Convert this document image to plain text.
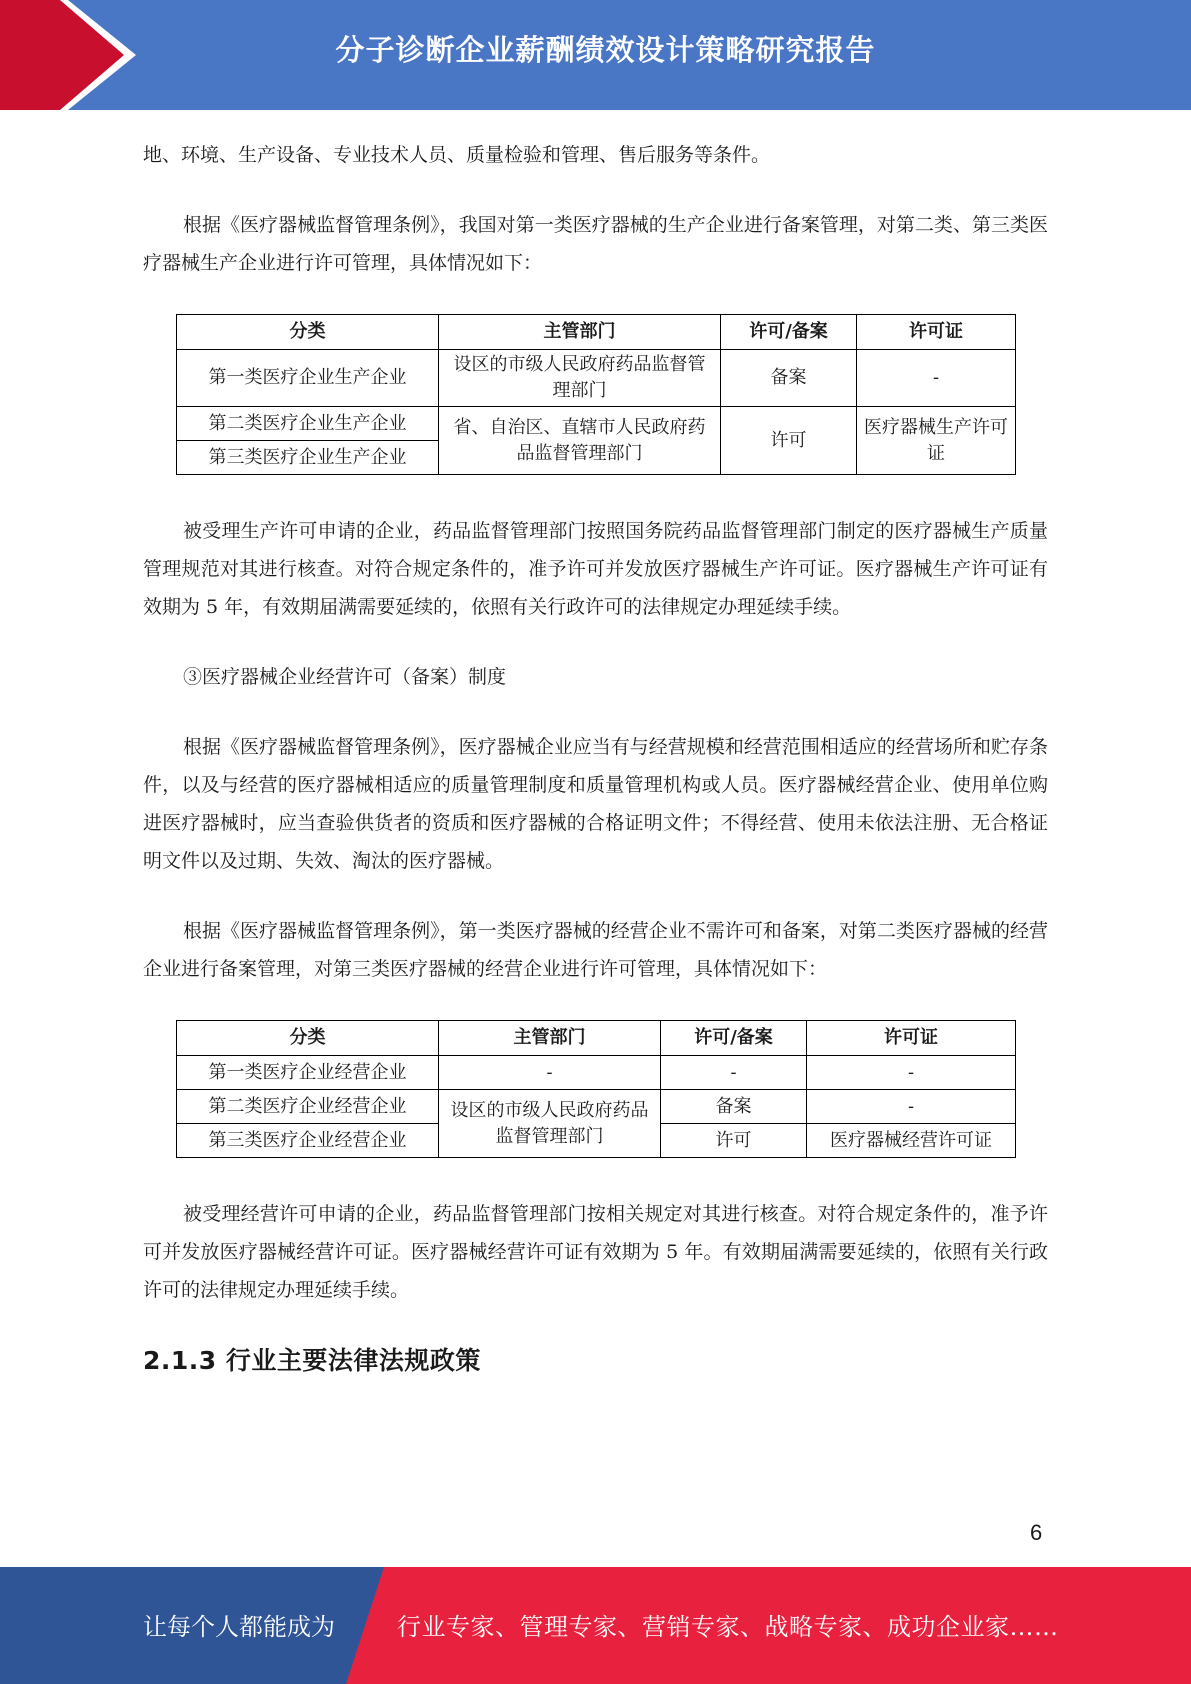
分子诊断企业薪酬绩效设计策略研究报告

地、环境、生产设备、专业技术人员、质量检验和管理、售后服务等条件。

根据《医疗器械监督管理条例》，我国对第一类医疗器械的生产企业进行备案管理，对第二类、第三类医疗器械生产企业进行许可管理，具体情况如下：

分类	主管部门	许可/备案	许可证
第一类医疗企业生产企业	设区的市级人民政府药品监督管理部门	备案	-
第二类医疗企业生产企业	省、自治区、直辖市人民政府药品监督管理部门	许可	医疗器械生产许可证
第三类医疗企业生产企业			

被受理生产许可申请的企业，药品监督管理部门按照国务院药品监督管理部门制定的医疗器械生产质量管理规范对其进行核查。对符合规定条件的，准予许可并发放医疗器械生产许可证。医疗器械生产许可证有效期为 5 年，有效期届满需要延续的，依照有关行政许可的法律规定办理延续手续。

③医疗器械企业经营许可（备案）制度

根据《医疗器械监督管理条例》，医疗器械企业应当有与经营规模和经营范围相适应的经营场所和贮存条件，以及与经营的医疗器械相适应的质量管理制度和质量管理机构或人员。医疗器械经营企业、使用单位购进医疗器械时，应当查验供货者的资质和医疗器械的合格证明文件；不得经营、使用未依法注册、无合格证明文件以及过期、失效、淘汰的医疗器械。

根据《医疗器械监督管理条例》，第一类医疗器械的经营企业不需许可和备案，对第二类医疗器械的经营企业进行备案管理，对第三类医疗器械的经营企业进行许可管理，具体情况如下：

分类	主管部门	许可/备案	许可证
第一类医疗企业经营企业	-	-	-
第二类医疗企业经营企业	设区的市级人民政府药品监督管理部门	备案	-
第三类医疗企业经营企业		许可	医疗器械经营许可证

被受理经营许可申请的企业，药品监督管理部门按相关规定对其进行核查。对符合规定条件的，准予许可并发放医疗器械经营许可证。医疗器械经营许可证有效期为 5 年。有效期届满需要延续的，依照有关行政许可的法律规定办理延续手续。

2.1.3 行业主要法律法规政策
6
让每个人都能成为	行业专家、管理专家、营销专家、战略专家、成功企业家……
